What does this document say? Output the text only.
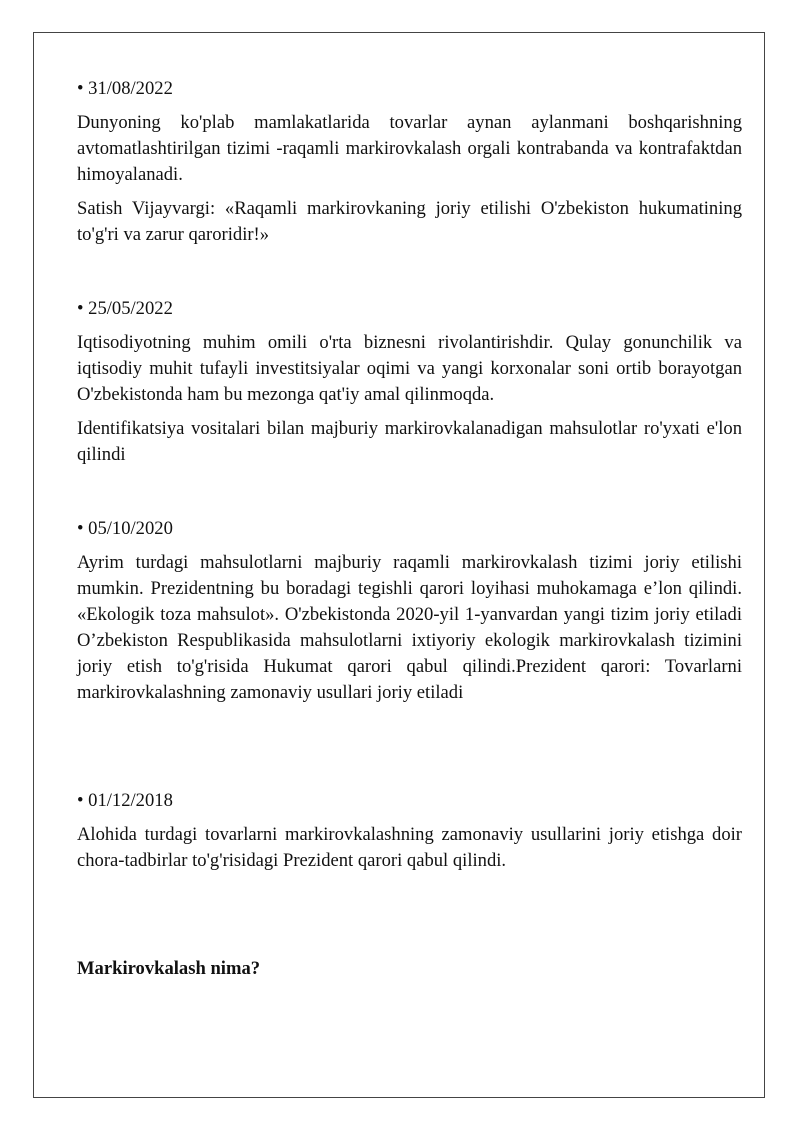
• 31/08/2022

Dunyoning ko'plab mamlakatlarida tovarlar aynan aylanmani boshqarishning avtomatlashtirilgan tizimi -raqamli markirovkalash orgali kontrabanda va kontrafaktdan himoyalanadi.

Satish Vijayvargi: «Raqamli markirovkaning joriy etilishi O'zbekiston hukumatining to'g'ri va zarur qaroridir!»

• 25/05/2022

Iqtisodiyotning muhim omili o'rta biznesni rivolantirishdir. Qulay gonunchilik va iqtisodiy muhit tufayli investitsiyalar oqimi va yangi korxonalar soni ortib borayotgan O'zbekistonda ham bu mezonga qat'iy amal qilinmoqda.

Identifikatsiya vositalari bilan majburiy markirovkalanadigan mahsulotlar ro'yxati e'lon qilindi

• 05/10/2020

Ayrim turdagi mahsulotlarni majburiy raqamli markirovkalash tizimi joriy etilishi mumkin. Prezidentning bu boradagi tegishli qarori loyihasi muhokamaga e’lon qilindi. «Ekologik toza mahsulot». O'zbekistonda 2020-yil 1-yanvardan yangi tizim joriy etiladi O’zbekiston Respublikasida mahsulotlarni ixtiyoriy ekologik markirovkalash tizimini joriy etish to'g'risida Hukumat qarori qabul qilindi.Prezident qarori: Tovarlarni markirovkalashning zamonaviy usullari joriy etiladi

• 01/12/2018

Alohida turdagi tovarlarni markirovkalashning zamonaviy usullarini joriy etishga doir chora-tadbirlar to'g'risidagi Prezident qarori qabul qilindi.

Markirovkalash nima?
